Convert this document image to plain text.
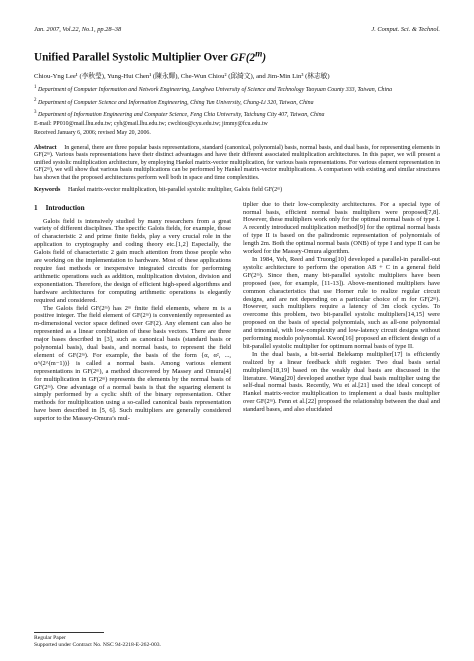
Jan. 2007, Vol.22, No.1, pp.28–38	J. Comput. Sci. & Technol.
Unified Parallel Systolic Multiplier Over GF(2$^m$)
Chiou-Yng Lee¹ (李秋瑩), Yung-Hui Chen¹ (陳永輝), Che-Wun Chiou² (邱綺文), and Jim-Min Lin³ (林志敏)
$^1$ Department of Computer Information and Network Engineering, Lunghwa University of Science and Technology Taoyuan County 333, Taiwan, China
$^2$ Department of Computer Science and Information Engineering, Ching Yun University, Chung-Li 320, Taiwan, China
$^3$ Department of Information Engineering and Computer Science, Feng Chia University, Taichung City 407, Taiwan, China
E-mail: PP010@mail.lhu.edu.tw; cyh@mail.lhu.edu.tw; cwchiou@cyu.edu.tw; jimmy@fcu.edu.tw
Received January 6, 2006; revised May 20, 2006.
Abstract In general, there are three popular basis representations, standard (canonical, polynomial) basis, normal basis, and dual basis, for representing elements in GF(2ᵐ). Various basis representations have their distinct advantages and have their different associated multiplication architectures. In this paper, we will present a unified systolic multiplication architecture, by employing Hankel matrix-vector multiplication, for various basis representations. For various element representation in GF(2ᵐ), we will show that various basis multiplications can be performed by Hankel matrix-vector multiplications. A comparison with existing and similar structures has shown that the proposed architectures perform well both in space and time complexities.
Keywords Hankel matrix-vector multiplication, bit-parallel systolic multiplier, Galois field GF(2ᵐ)
1 Introduction

Galois field is intensively studied by many researchers from a great variety of different disciplines. The specific Galois fields, for example, those of characteristic 2 and prime finite fields, play a very crucial role in the application to cryptography and coding theory etc.[1,2] Especially, the Galois field of characteristic 2 gain much attention from those people who are working on the implementation to hardware. Most of these applications require fast methods or inexpensive integrated circuits for performing arithmetic operations such as addition, multiplication division, division and exponentiation. Therefore, the design of efficient high-speed algorithms and hardware architectures for computing arithmetic operations is elegantly required and considered.

The Galois field GF(2ᵐ) has 2ᵐ finite field elements, where m is a positive integer. The field element of GF(2ᵐ) is conveniently represented as m-dimensional vector space defined over GF(2). Any element can also be represented as a linear combination of these basis vectors. There are three major bases described in [3], such as canonical basis (standard basis or polynomial basis), dual basis, and normal basis, to represent the field element of GF(2ᵐ). For example, the basis of the form {α, α², ..., α^(2^(m−1))} is called a normal basis. Among various element representations in GF(2ᵐ), a method discovered by Massey and Omura[4] for multiplication in GF(2ᵐ) represents the elements by the normal basis of GF(2ᵐ). One advantage of a normal basis is that the squaring element is simply performed by a cyclic shift of the binary representation. Other methods for multiplication using a so-called canonical basis representation have been described in [5, 6]. Such multipliers are generally considered superior to the Massey-Omura’s mul-

tiplier due to their low-complexity architectures. For a special type of normal basis, efficient normal basis multipliers were proposed[7,8]. However, these multipliers work only for the optimal normal basis of type I. A recently introduced multiplication method[9] for the optimal normal basis of type II is based on the palindromic representation of polynomials of length 2m. Both the optimal normal basis (ONB) of type I and type II can be worked for the Massey-Omura algorithm.

In 1984, Yeh, Reed and Truong[10] developed a parallel-in parallel-out systolic architecture to perform the operation AB + C in a general field GF(2ᵐ). Since then, many bit-parallel systolic multipliers have been proposed (see, for example, [11-13]). Above-mentioned multipliers have common characteristics that use Horner rule to realize regular circuit designs, and are not depending on a particular choice of m for GF(2ᵐ). However, such multipliers require a latency of 3m clock cycles. To overcome this problem, two bit-parallel systolic multipliers[14,15] were proposed on the basis of special polynomials, such as all-one polynomial and trinomial, with low-complexity and low-latency circuit designs without performing modulo polynomial. Kwon[16] proposed an efficient design of a bit-parallel systolic multiplier for optimum normal basis of type II.

In the dual basis, a bit-serial Belekamp multiplier[17] is efficiently realized by a linear feedback shift register. Two dual basis serial multipliers[18,19] based on the weakly dual basis are discussed in the literature. Wang[20] developed another type dual basis multiplier using the self-dual normal basis. Recently, Wu et al.[21] used the ideal concept of Hankel matrix-vector multiplication to implement a dual basis multiplier over GF(2ᵐ). Fenn et al.[22] proposed the relationship between the dual and standard bases, and also elucidated

Regular Paper
Supported under Contract No. NSC 94-2218-E-262-003.
